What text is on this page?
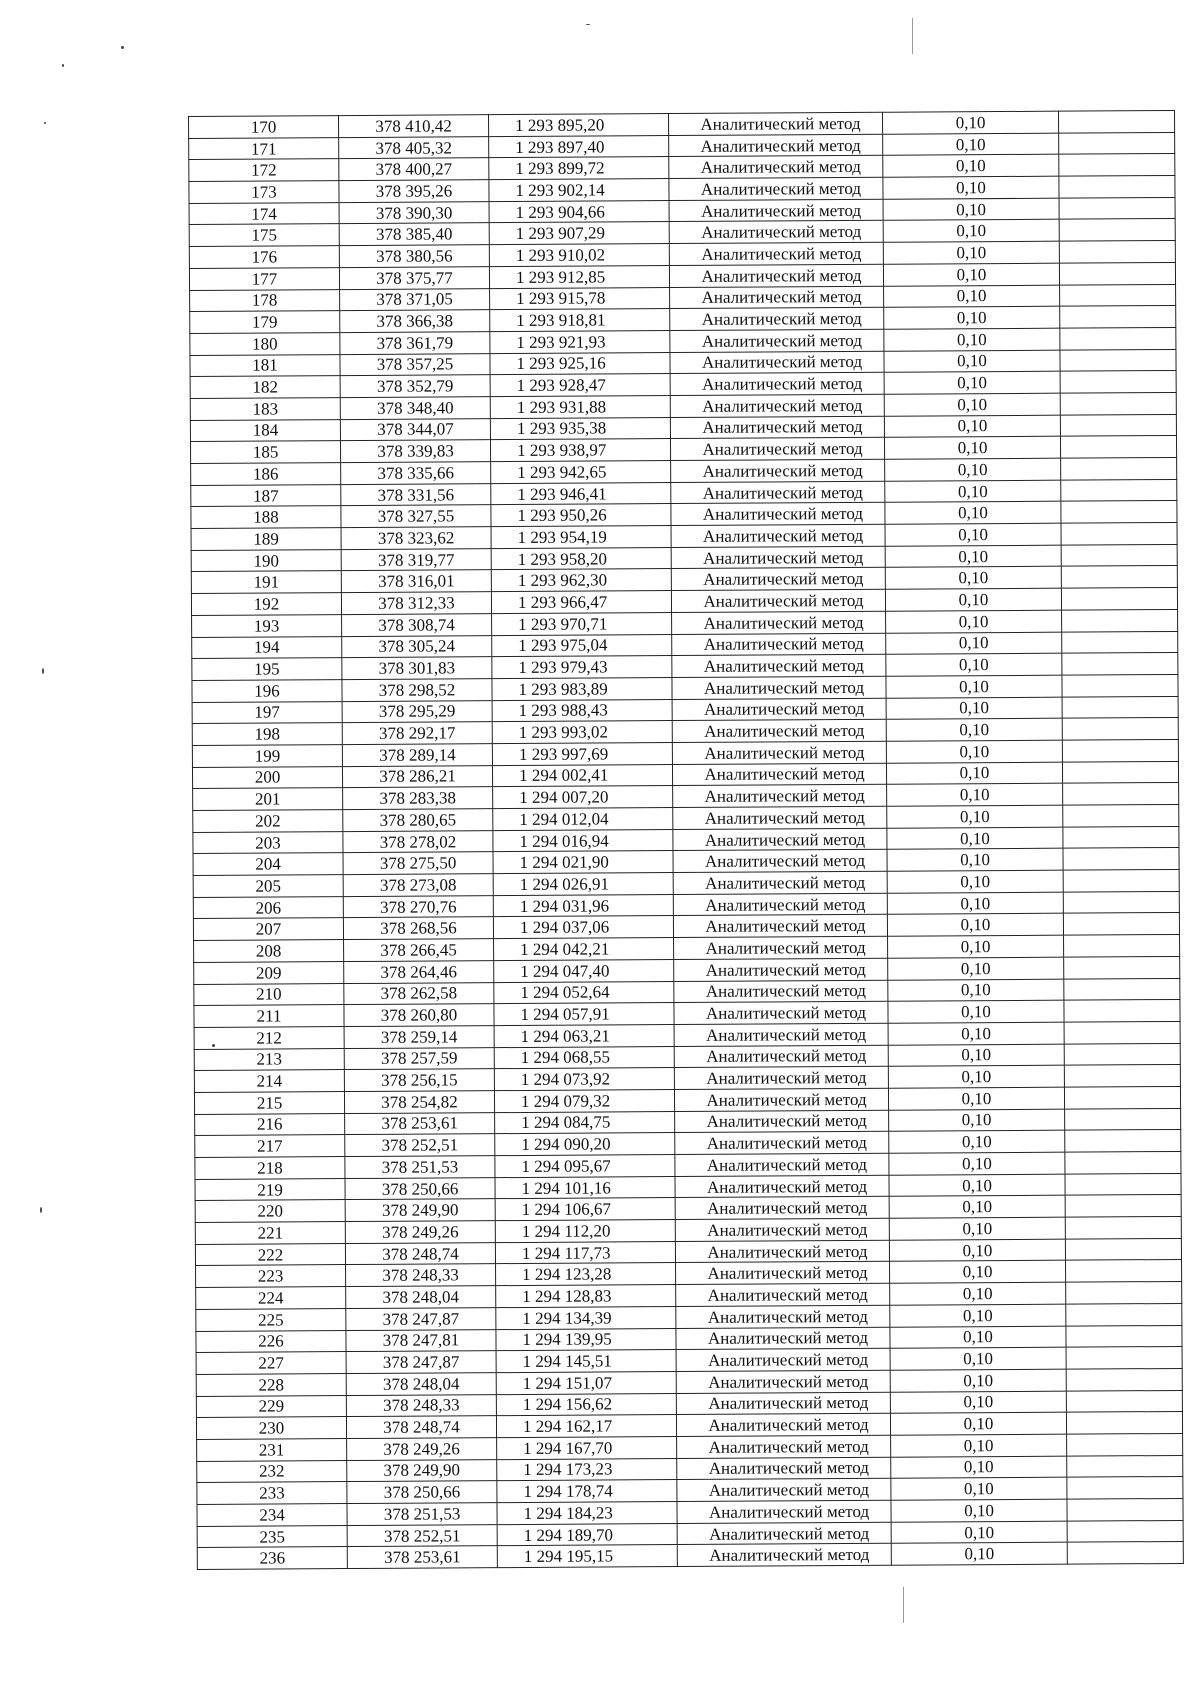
170	378 410,42	1 293 895,20	Аналитический метод	0,10	
171	378 405,32	1 293 897,40	Аналитический метод	0,10	
172	378 400,27	1 293 899,72	Аналитический метод	0,10	
173	378 395,26	1 293 902,14	Аналитический метод	0,10	
174	378 390,30	1 293 904,66	Аналитический метод	0,10	
175	378 385,40	1 293 907,29	Аналитический метод	0,10	
176	378 380,56	1 293 910,02	Аналитический метод	0,10	
177	378 375,77	1 293 912,85	Аналитический метод	0,10	
178	378 371,05	1 293 915,78	Аналитический метод	0,10	
179	378 366,38	1 293 918,81	Аналитический метод	0,10	
180	378 361,79	1 293 921,93	Аналитический метод	0,10	
181	378 357,25	1 293 925,16	Аналитический метод	0,10	
182	378 352,79	1 293 928,47	Аналитический метод	0,10	
183	378 348,40	1 293 931,88	Аналитический метод	0,10	
184	378 344,07	1 293 935,38	Аналитический метод	0,10	
185	378 339,83	1 293 938,97	Аналитический метод	0,10	
186	378 335,66	1 293 942,65	Аналитический метод	0,10	
187	378 331,56	1 293 946,41	Аналитический метод	0,10	
188	378 327,55	1 293 950,26	Аналитический метод	0,10	
189	378 323,62	1 293 954,19	Аналитический метод	0,10	
190	378 319,77	1 293 958,20	Аналитический метод	0,10	
191	378 316,01	1 293 962,30	Аналитический метод	0,10	
192	378 312,33	1 293 966,47	Аналитический метод	0,10	
193	378 308,74	1 293 970,71	Аналитический метод	0,10	
194	378 305,24	1 293 975,04	Аналитический метод	0,10	
195	378 301,83	1 293 979,43	Аналитический метод	0,10	
196	378 298,52	1 293 983,89	Аналитический метод	0,10	
197	378 295,29	1 293 988,43	Аналитический метод	0,10	
198	378 292,17	1 293 993,02	Аналитический метод	0,10	
199	378 289,14	1 293 997,69	Аналитический метод	0,10	
200	378 286,21	1 294 002,41	Аналитический метод	0,10	
201	378 283,38	1 294 007,20	Аналитический метод	0,10	
202	378 280,65	1 294 012,04	Аналитический метод	0,10	
203	378 278,02	1 294 016,94	Аналитический метод	0,10	
204	378 275,50	1 294 021,90	Аналитический метод	0,10	
205	378 273,08	1 294 026,91	Аналитический метод	0,10	
206	378 270,76	1 294 031,96	Аналитический метод	0,10	
207	378 268,56	1 294 037,06	Аналитический метод	0,10	
208	378 266,45	1 294 042,21	Аналитический метод	0,10	
209	378 264,46	1 294 047,40	Аналитический метод	0,10	
210	378 262,58	1 294 052,64	Аналитический метод	0,10	
211	378 260,80	1 294 057,91	Аналитический метод	0,10	
212	378 259,14	1 294 063,21	Аналитический метод	0,10	
213	378 257,59	1 294 068,55	Аналитический метод	0,10	
214	378 256,15	1 294 073,92	Аналитический метод	0,10	
215	378 254,82	1 294 079,32	Аналитический метод	0,10	
216	378 253,61	1 294 084,75	Аналитический метод	0,10	
217	378 252,51	1 294 090,20	Аналитический метод	0,10	
218	378 251,53	1 294 095,67	Аналитический метод	0,10	
219	378 250,66	1 294 101,16	Аналитический метод	0,10	
220	378 249,90	1 294 106,67	Аналитический метод	0,10	
221	378 249,26	1 294 112,20	Аналитический метод	0,10	
222	378 248,74	1 294 117,73	Аналитический метод	0,10	
223	378 248,33	1 294 123,28	Аналитический метод	0,10	
224	378 248,04	1 294 128,83	Аналитический метод	0,10	
225	378 247,87	1 294 134,39	Аналитический метод	0,10	
226	378 247,81	1 294 139,95	Аналитический метод	0,10	
227	378 247,87	1 294 145,51	Аналитический метод	0,10	
228	378 248,04	1 294 151,07	Аналитический метод	0,10	
229	378 248,33	1 294 156,62	Аналитический метод	0,10	
230	378 248,74	1 294 162,17	Аналитический метод	0,10	
231	378 249,26	1 294 167,70	Аналитический метод	0,10	
232	378 249,90	1 294 173,23	Аналитический метод	0,10	
233	378 250,66	1 294 178,74	Аналитический метод	0,10	
234	378 251,53	1 294 184,23	Аналитический метод	0,10	
235	378 252,51	1 294 189,70	Аналитический метод	0,10	
236	378 253,61	1 294 195,15	Аналитический метод	0,10	
